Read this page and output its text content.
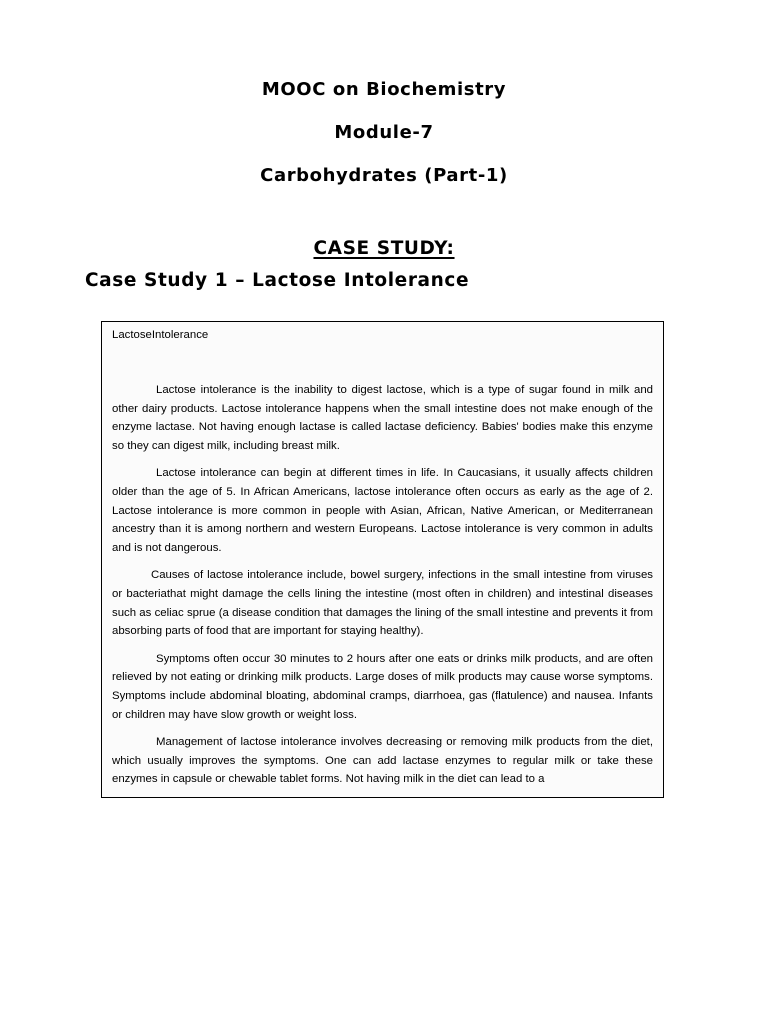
MOOC on Biochemistry
Module-7
Carbohydrates (Part-1)
CASE STUDY:
Case Study 1 – Lactose Intolerance

LactoseIntolerance

Lactose intolerance is the inability to digest lactose, which is a type of sugar found in milk and other dairy products. Lactose intolerance happens when the small intestine does not make enough of the enzyme lactase. Not having enough lactase is called lactase deficiency. Babies' bodies make this enzyme so they can digest milk, including breast milk.

Lactose intolerance can begin at different times in life. In Caucasians, it usually affects children older than the age of 5. In African Americans, lactose intolerance often occurs as early as the age of 2. Lactose intolerance is more common in people with Asian, African, Native American, or Mediterranean ancestry than it is among northern and western Europeans. Lactose intolerance is very common in adults and is not dangerous.

Causes of lactose intolerance include, bowel surgery, infections in the small intestine from viruses or bacteriathat might damage the cells lining the intestine (most often in children) and intestinal diseases such as celiac sprue (a disease condition that damages the lining of the small intestine and prevents it from absorbing parts of food that are important for staying healthy).

Symptoms often occur 30 minutes to 2 hours after one eats or drinks milk products, and are often relieved by not eating or drinking milk products. Large doses of milk products may cause worse symptoms. Symptoms include abdominal bloating, abdominal cramps, diarrhoea, gas (flatulence) and nausea. Infants or children may have slow growth or weight loss.

Management of lactose intolerance involves decreasing or removing milk products from the diet, which usually improves the symptoms. One can add lactase enzymes to regular milk or take these enzymes in capsule or chewable tablet forms. Not having milk in the diet can lead to a
